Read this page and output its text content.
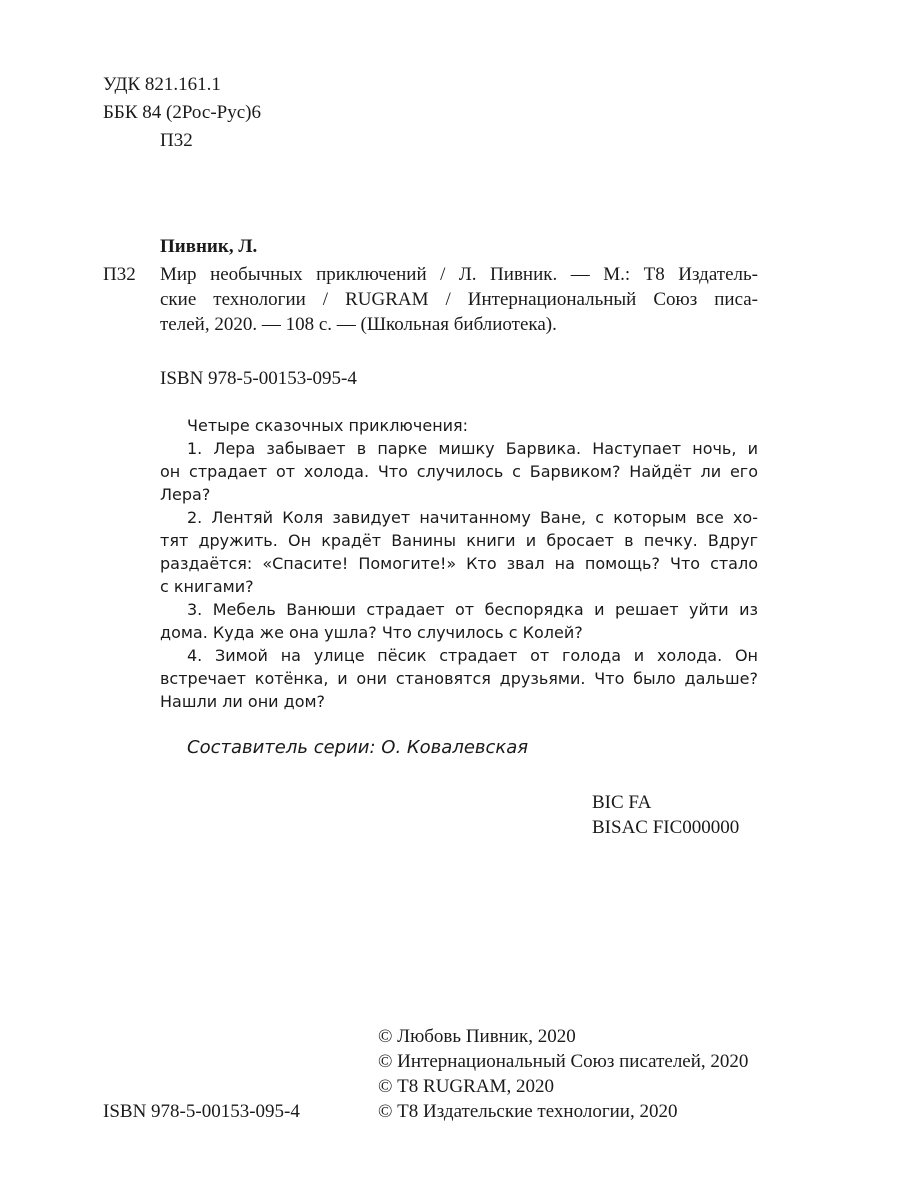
УДК 821.161.1
ББК 84 (2Рос-Рус)6
П32
Пивник, Л.
П32 Мир необычных приключений / Л. Пивник. — М.: Т8 Издатель-
ские технологии / RUGRAM / Интернациональный Союз писа-
телей, 2020. — 108 с. — (Школьная библиотека).
ISBN 978-5-00153-095-4
Четыре сказочных приключения:
1. Лера забывает в парке мишку Барвика. Наступает ночь, и
он страдает от холода. Что случилось с Барвиком? Найдёт ли его
Лера?
2. Лентяй Коля завидует начитанному Ване, с которым все хо-
тят дружить. Он крадёт Ванины книги и бросает в печку. Вдруг
раздаётся: «Спасите! Помогите!» Кто звал на помощь? Что стало
с книгами?
3. Мебель Ванюши страдает от беспорядка и решает уйти из
дома. Куда же она ушла? Что случилось с Колей?
4. Зимой на улице пёсик страдает от голода и холода. Он
встречает котёнка, и они становятся друзьями. Что было дальше?
Нашли ли они дом?
Составитель серии: О. Ковалевская
BIC FA
BISAC FIC000000
© Любовь Пивник, 2020
© Интернациональный Союз писателей, 2020
© Т8 RUGRAM, 2020
© Т8 Издательские технологии, 2020
ISBN 978-5-00153-095-4
